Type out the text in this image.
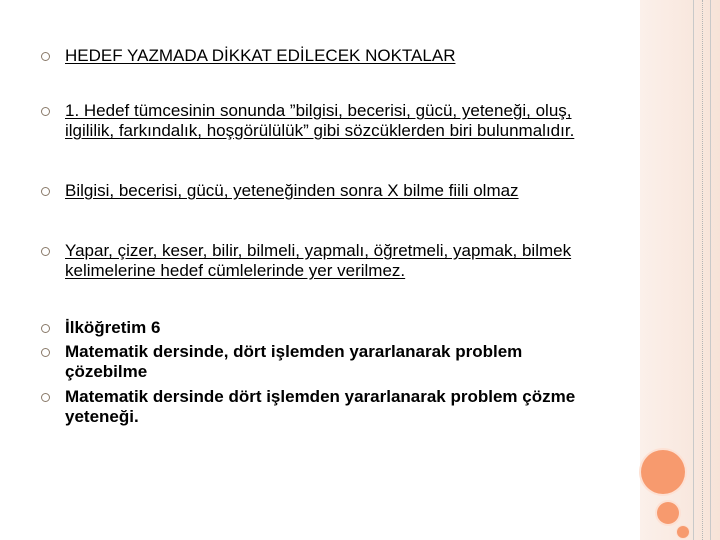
HEDEF YAZMADA DİKKAT EDİLECEK NOKTALAR
1. Hedef tümcesinin sonunda ”bilgisi, becerisi, gücü, yeteneği, oluş, ilgililik, farkındalık, hoşgörülülük” gibi sözcüklerden biri bulunmalıdır.
Bilgisi, becerisi, gücü, yeteneğinden sonra X bilme fiili olmaz
Yapar, çizer, keser, bilir, bilmeli, yapmalı, öğretmeli, yapmak, bilmek kelimelerine hedef cümlelerinde yer verilmez.
İlköğretim 6
Matematik dersinde, dört işlemden yararlanarak problem çözebilme
Matematik dersinde dört işlemden yararlanarak problem çözme yeteneği.
